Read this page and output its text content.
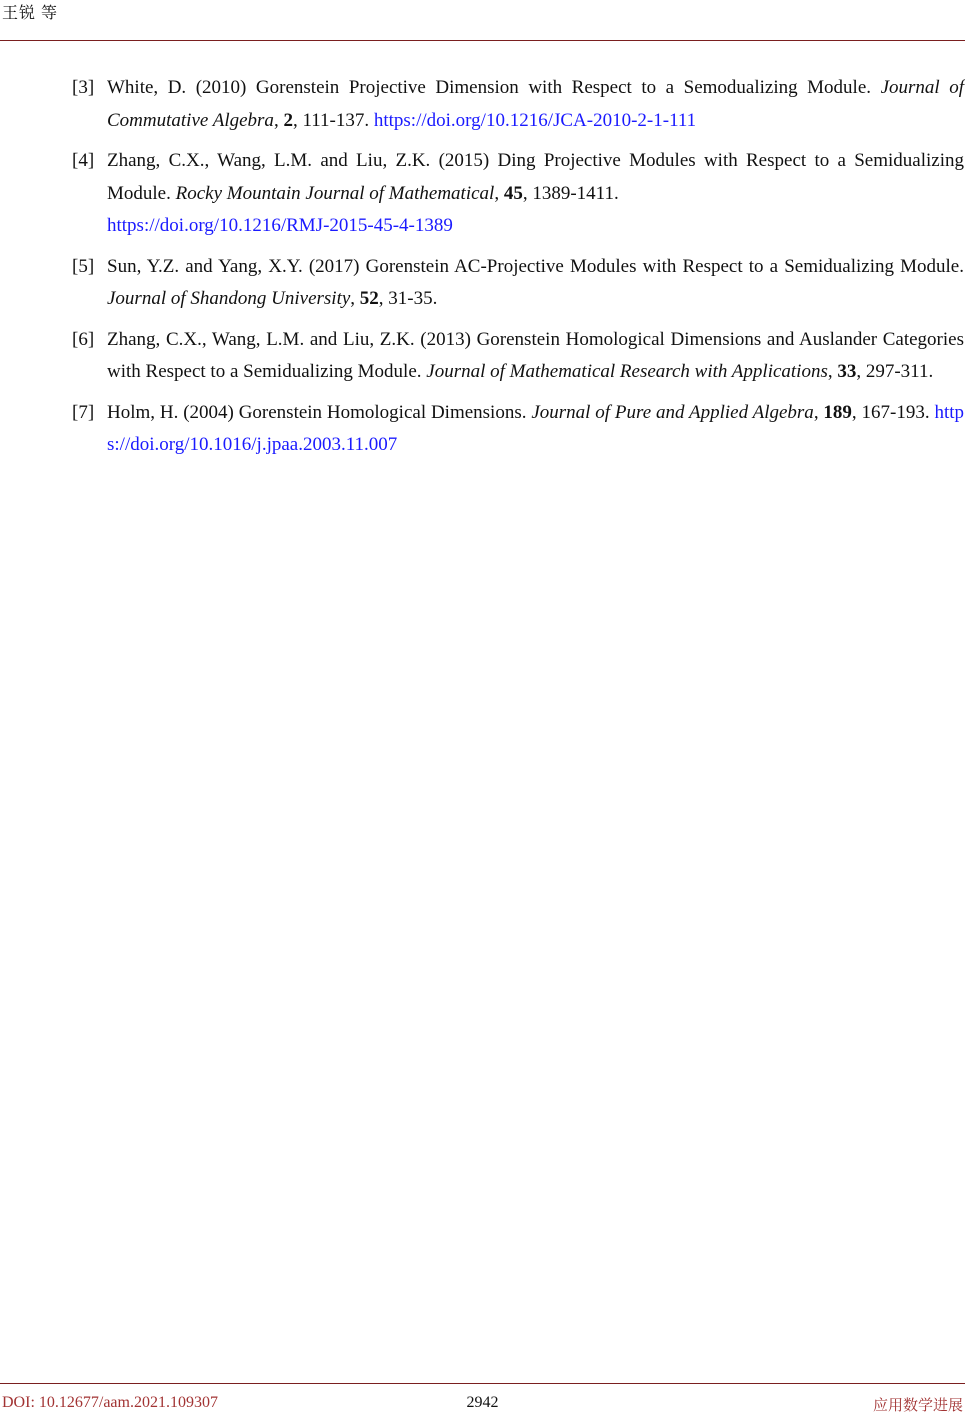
王锐 等
[3] White, D. (2010) Gorenstein Projective Dimension with Respect to a Semodualizing Module. Journal of Commutative Algebra, 2, 111-137. https://doi.org/10.1216/JCA-2010-2-1-111
[4] Zhang, C.X., Wang, L.M. and Liu, Z.K. (2015) Ding Projective Modules with Respect to a Semidualizing Module. Rocky Mountain Journal of Mathematical, 45, 1389-1411.
https://doi.org/10.1216/RMJ-2015-45-4-1389
[5] Sun, Y.Z. and Yang, X.Y. (2017) Gorenstein AC-Projective Modules with Respect to a Semidualizing Module. Journal of Shandong University, 52, 31-35.
[6] Zhang, C.X., Wang, L.M. and Liu, Z.K. (2013) Gorenstein Homological Dimensions and Auslander Categories with Respect to a Semidualizing Module. Journal of Mathematical Research with Applications, 33, 297-311.
[7] Holm, H. (2004) Gorenstein Homological Dimensions. Journal of Pure and Applied Algebra, 189, 167-193. https://doi.org/10.1016/j.jpaa.2003.11.007
DOI: 10.12677/aam.2021.109307	2942	应用数学进展
